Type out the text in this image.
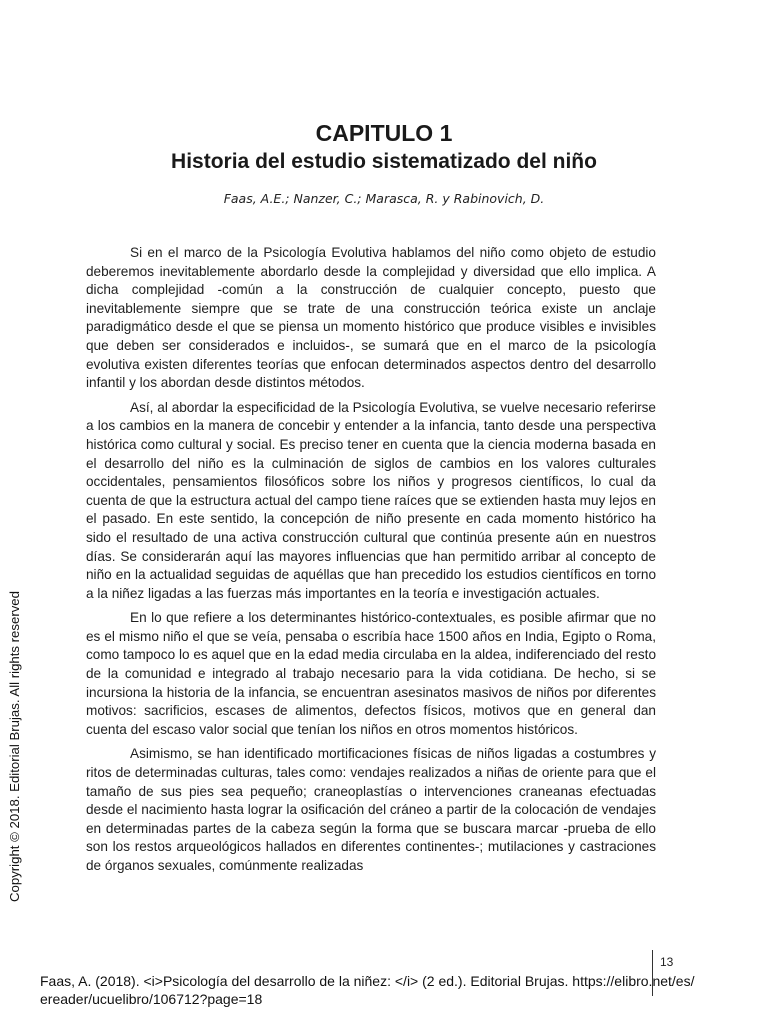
CAPITULO 1
Historia del estudio sistematizado del niño
Faas, A.E.; Nanzer, C.; Marasca, R. y Rabinovich, D.

Si en el marco de la Psicología Evolutiva hablamos del niño como objeto de estudio deberemos inevitablemente abordarlo desde la complejidad y diversidad que ello implica. A dicha complejidad -común a la construcción de cualquier concepto, puesto que inevitablemente siempre que se trate de una construcción teórica existe un anclaje paradigmático desde el que se piensa un momento histórico que produce visibles e invisibles que deben ser considerados e incluidos-, se sumará que en el marco de la psicología evolutiva existen diferentes teorías que enfocan determinados aspectos dentro del desarrollo infantil y los abordan desde distintos métodos.

Así, al abordar la especificidad de la Psicología Evolutiva, se vuelve necesario referirse a los cambios en la manera de concebir y entender a la infancia, tanto desde una perspectiva histórica como cultural y social. Es preciso tener en cuenta que la ciencia moderna basada en el desarrollo del niño es la culminación de siglos de cambios en los valores culturales occidentales, pensamientos filosóficos sobre los niños y progresos científicos, lo cual da cuenta de que la estructura actual del campo tiene raíces que se extienden hasta muy lejos en el pasado. En este sentido, la concepción de niño presente en cada momento histórico ha sido el resultado de una activa construcción cultural que continúa presente aún en nuestros días. Se considerarán aquí las mayores influencias que han permitido arribar al concepto de niño en la actualidad seguidas de aquéllas que han precedido los estudios científicos en torno a la niñez ligadas a las fuerzas más importantes en la teoría e investigación actuales.

En lo que refiere a los determinantes histórico-contextuales, es posible afirmar que no es el mismo niño el que se veía, pensaba o escribía hace 1500 años en India, Egipto o Roma, como tampoco lo es aquel que en la edad media circulaba en la aldea, indiferenciado del resto de la comunidad e integrado al trabajo necesario para la vida cotidiana. De hecho, si se incursiona la historia de la infancia, se encuentran asesinatos masivos de niños por diferentes motivos: sacrificios, escases de alimentos, defectos físicos, motivos que en general dan cuenta del escaso valor social que tenían los niños en otros momentos históricos.

Asimismo, se han identificado mortificaciones físicas de niños ligadas a costumbres y ritos de determinadas culturas, tales como: vendajes realizados a niñas de oriente para que el tamaño de sus pies sea pequeño; craneoplastías o intervenciones craneanas efectuadas desde el nacimiento hasta lograr la osificación del cráneo a partir de la colocación de vendajes en determinadas partes de la cabeza según la forma que se buscara marcar -prueba de ello son los restos arqueológicos hallados en diferentes continentes-; mutilaciones y castraciones de órganos sexuales, comúnmente realizadas

Copyright © 2018. Editorial Brujas. All rights reserved
13
Faas, A. (2018). <i>Psicología del desarrollo de la niñez: </i> (2 ed.). Editorial Brujas. https://elibro.net/es/ereader/ucuelibro/106712?page=18
